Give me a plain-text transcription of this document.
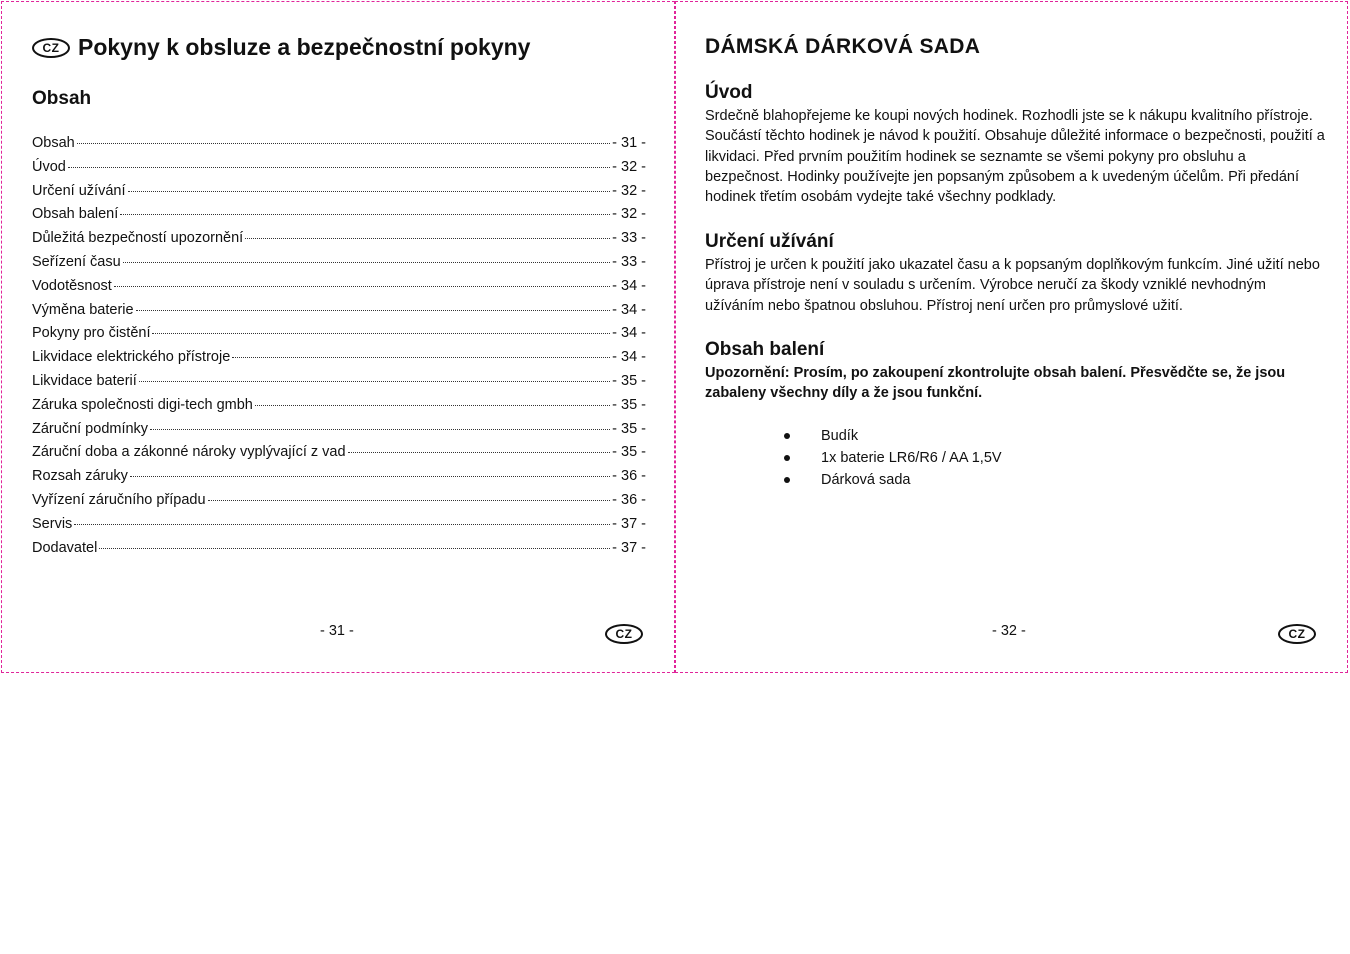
CZ Pokyny k obsluze a bezpečnostní pokyny
Obsah
Obsah	- 31 -
Úvod	- 32 -
Určení užívání	- 32 -
Obsah balení	- 32 -
Důležitá bezpečností upozornění	- 33 -
Seřízení času	- 33 -
Vodotěsnost	- 34 -
Výměna baterie	- 34 -
Pokyny pro čistění	- 34 -
Likvidace elektrického přístroje	- 34 -
Likvidace baterií	- 35 -
Záruka společnosti digi-tech gmbh	- 35 -
Záruční podmínky	- 35 -
Záruční doba a zákonné nároky vyplývající z vad	- 35 -
Rozsah záruky	- 36 -
Vyřízení záručního případu	- 36 -
Servis	- 37 -
Dodavatel	- 37 -
- 31 -	CZ
DÁMSKÁ DÁRKOVÁ SADA
Úvod

Srdečně blahopřejeme ke koupi nových hodinek. Rozhodli jste se k nákupu kvalitního přístroje. Součástí těchto hodinek je návod k použití. Obsahuje důležité informace o bezpečnosti, použití a likvidaci. Před prvním použitím hodinek se seznamte se všemi pokyny pro obsluhu a bezpečnost. Hodinky používejte jen popsaným způsobem a k uvedeným účelům. Při předání hodinek třetím osobám vydejte také všechny podklady.

Určení užívání

Přístroj je určen k použití jako ukazatel času a k popsaným doplňkovým funkcím. Jiné užití nebo úprava přístroje není v souladu s určením. Výrobce neručí za škody vzniklé nevhodným užíváním nebo špatnou obsluhou. Přístroj není určen pro průmyslové užití.

Obsah balení

Upozornění: Prosím, po zakoupení zkontrolujte obsah balení. Přesvědčte se, že jsou zabaleny všechny díly a že jsou funkční.

Budík
1x baterie LR6/R6 / AA 1,5V
Dárková sada
- 32 -	CZ
